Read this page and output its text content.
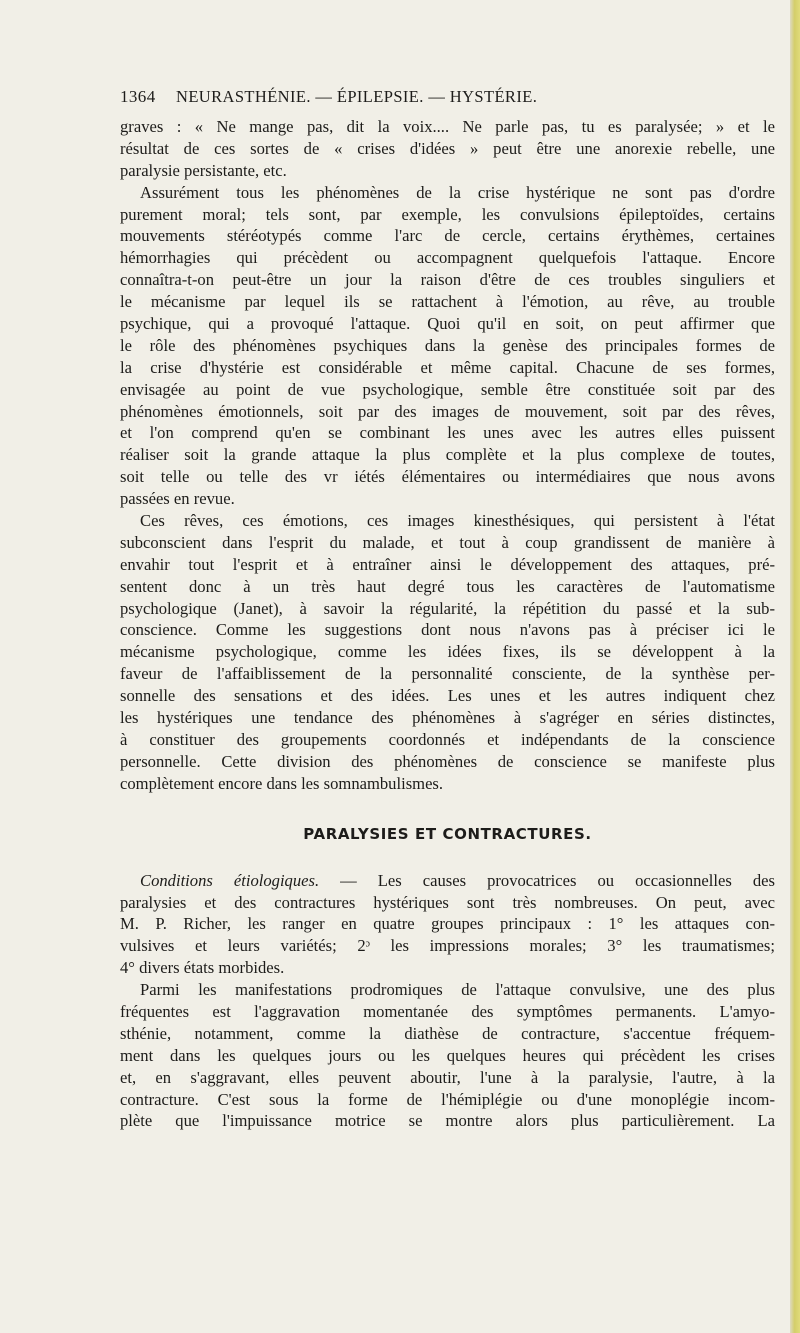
1364	NEURASTHÉNIE. — ÉPILEPSIE. — HYSTÉRIE.
graves : « Ne mange pas, dit la voix.... Ne parle pas, tu es paralysée; » et le
résultat de ces sortes de « crises d'idées » peut être une anorexie rebelle, une
paralysie persistante, etc.
Assurément tous les phénomènes de la crise hystérique ne sont pas d'ordre
purement moral; tels sont, par exemple, les convulsions épileptoïdes, certains
mouvements stéréotypés comme l'arc de cercle, certains érythèmes, certaines
hémorrhagies qui précèdent ou accompagnent quelquefois l'attaque. Encore
connaîtra-t-on peut-être un jour la raison d'être de ces troubles singuliers et
le mécanisme par lequel ils se rattachent à l'émotion, au rêve, au trouble
psychique, qui a provoqué l'attaque. Quoi qu'il en soit, on peut affirmer que
le rôle des phénomènes psychiques dans la genèse des principales formes de
la crise d'hystérie est considérable et même capital. Chacune de ses formes,
envisagée au point de vue psychologique, semble être constituée soit par des
phénomènes émotionnels, soit par des images de mouvement, soit par des rêves,
et l'on comprend qu'en se combinant les unes avec les autres elles puissent
réaliser soit la grande attaque la plus complète et la plus complexe de toutes,
soit telle ou telle des vr iétés élémentaires ou intermédiaires que nous avons
passées en revue.
Ces rêves, ces émotions, ces images kinesthésiques, qui persistent à l'état
subconscient dans l'esprit du malade, et tout à coup grandissent de manière à
envahir tout l'esprit et à entraîner ainsi le développement des attaques, pré-
sentent donc à un très haut degré tous les caractères de l'automatisme
psychologique (Janet), à savoir la régularité, la répétition du passé et la sub-
conscience. Comme les suggestions dont nous n'avons pas à préciser ici le
mécanisme psychologique, comme les idées fixes, ils se développent à la
faveur de l'affaiblissement de la personnalité consciente, de la synthèse per-
sonnelle des sensations et des idées. Les unes et les autres indiquent chez
les hystériques une tendance des phénomènes à s'agréger en séries distinctes,
à constituer des groupements coordonnés et indépendants de la conscience
personnelle. Cette division des phénomènes de conscience se manifeste plus
complètement encore dans les somnambulismes.
PARALYSIES ET CONTRACTURES.
Conditions étiologiques. — Les causes provocatrices ou occasionnelles des
paralysies et des contractures hystériques sont très nombreuses. On peut, avec
M. P. Richer, les ranger en quatre groupes principaux : 1° les attaques con-
vulsives et leurs variétés; 2ᵓ les impressions morales; 3° les traumatismes;
4° divers états morbides.
Parmi les manifestations prodromiques de l'attaque convulsive, une des plus
fréquentes est l'aggravation momentanée des symptômes permanents. L'amyo-
sthénie, notamment, comme la diathèse de contracture, s'accentue fréquem-
ment dans les quelques jours ou les quelques heures qui précèdent les crises
et, en s'aggravant, elles peuvent aboutir, l'une à la paralysie, l'autre, à la
contracture. C'est sous la forme de l'hémiplégie ou d'une monoplégie incom-
plète que l'impuissance motrice se montre alors plus particulièrement. La
